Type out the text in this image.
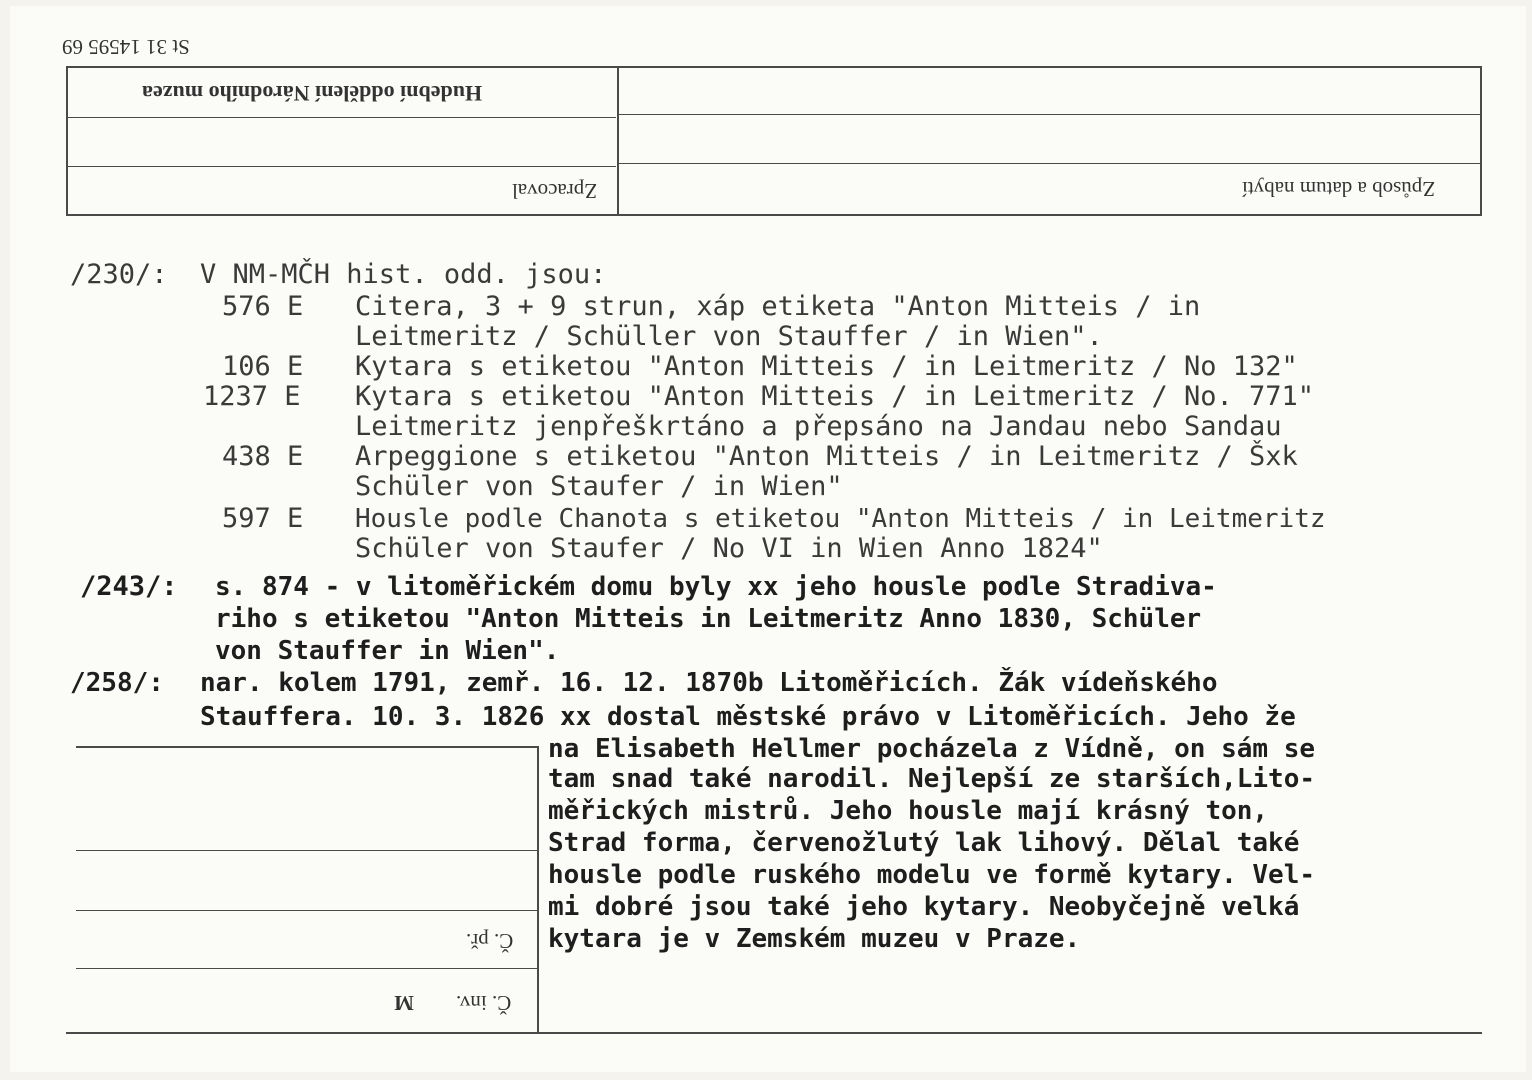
St 31 14595 69
Hudební oddělení Národního muzea
Zpracoval	Způsob a datum nabytí
/230/: V NM-MČH hist. odd. jsou:
576 E Citera, 3 + 9 strun, xáp etiketa "Anton Mitteis / in
Leitmeritz / Schüller von Stauffer / in Wien".
106 E Kytara s etiketou "Anton Mitteis / in Leitmeritz / No 132"
1237 E Kytara s etiketou "Anton Mitteis / in Leitmeritz / No. 771"
Leitmeritz jenpřeškrtáno a přepsáno na Jandau nebo Sandau
438 E Arpeggione s etiketou "Anton Mitteis / in Leitmeritz / Šxk
Schüler von Staufer / in Wien"
597 E Housle podle Chanota s etiketou "Anton Mitteis / in Leitmeritz
Schüler von Staufer / No VI in Wien Anno 1824"
/243/: s. 874 - v litoměřickém domu byly xx jeho housle podle Stradiva-
riho s etiketou "Anton Mitteis in Leitmeritz Anno 1830, Schüler
von Stauffer in Wien".
/258/: nar. kolem 1791, zemř. 16. 12. 1870b Litoměřicích. Žák vídeňského
Stauffera. 10. 3. 1826 xx dostal městské právo v Litoměřicích. Jeho že
na Elisabeth Hellmer pocházela z Vídně, on sám se
tam snad také narodil. Nejlepší ze starších,Lito-
měřických mistrů. Jeho housle mají krásný ton,
Strad forma, červenožlutý lak lihový. Dělal také
housle podle ruského modelu ve formě kytary. Vel-
mi dobré jsou také jeho kytary. Neobyčejně velká
kytara je v Zemském muzeu v Praze.
Č. př.
Č. inv.
M
